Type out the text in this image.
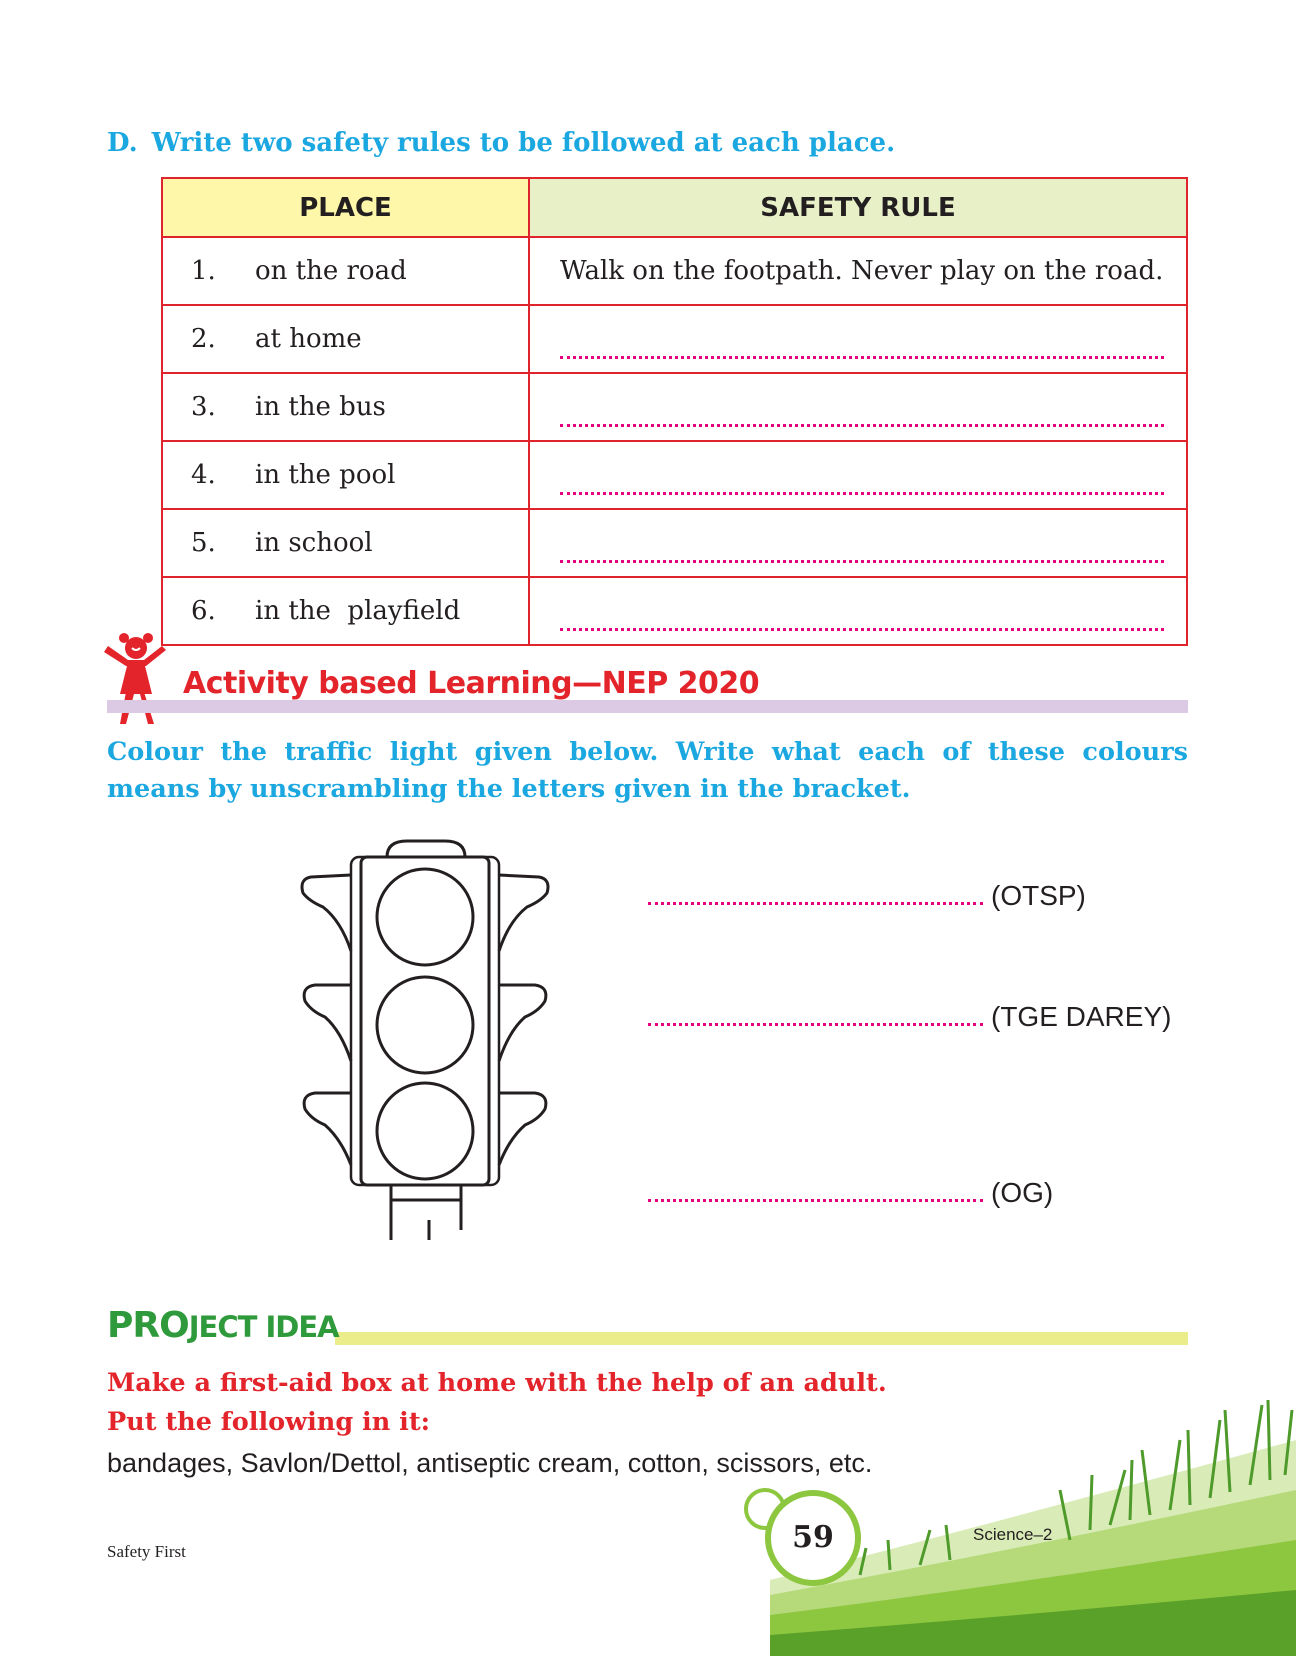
D. Write two safety rules to be followed at each place.
PLACE	SAFETY RULE
1. on the road	Walk on the footpath. Never play on the road.
2. at home	

3. in the bus	

4. in the pool	

5. in school	

6. in the  playfield	
Activity based Learning—NEP 2020
Colour the traffic light given below. Write what each of these colours means by unscrambling the letters given in the bracket.
(OTSP)
(TGE DAREY)
(OG)
PROJECT IDEA
Make a first-aid box at home with the help of an adult.
Put the following in it:
bandages, Savlon/Dettol, antiseptic cream, cotton, scissors, etc.
Safety First	59	Science–2
